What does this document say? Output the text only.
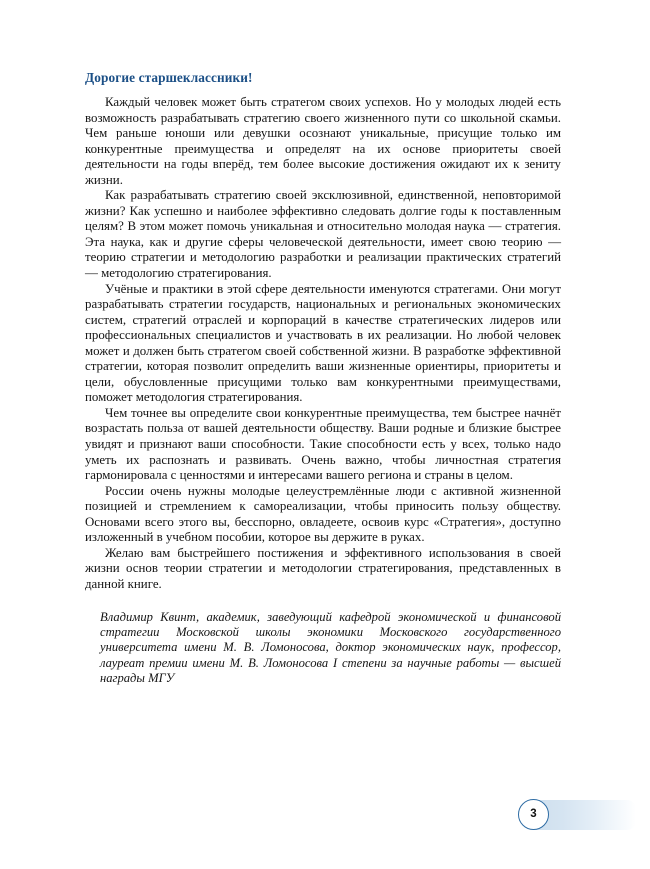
Дорогие старшеклассники!

Каждый человек может быть стратегом своих успехов. Но у молодых людей есть возможность разрабатывать стратегию своего жизненного пути со школьной скамьи. Чем раньше юноши или девушки осознают уникальные, присущие только им конкурентные преимущества и определят на их основе приоритеты своей деятельности на годы вперёд, тем более высокие достижения ожидают их к зениту жизни.

Как разрабатывать стратегию своей эксклюзивной, единственной, неповторимой жизни? Как успешно и наиболее эффективно следовать долгие годы к поставленным целям? В этом может помочь уникальная и относительно молодая наука — стратегия. Эта наука, как и другие сферы человеческой деятельности, имеет свою теорию — теорию стратегии и методологию разработки и реализации практических стратегий — методологию стратегирования.

Учёные и практики в этой сфере деятельности именуются стратегами. Они могут разрабатывать стратегии государств, национальных и региональных экономических систем, стратегий отраслей и корпораций в качестве стратегических лидеров или профессиональных специалистов и участвовать в их реализации. Но любой человек может и должен быть стратегом своей собственной жизни. В разработке эффективной стратегии, которая позволит определить ваши жизненные ориентиры, приоритеты и цели, обусловленные присущими только вам конкурентными преимуществами, поможет методология стратегирования.

Чем точнее вы определите свои конкурентные преимущества, тем быстрее начнёт возрастать польза от вашей деятельности обществу. Ваши родные и близкие быстрее увидят и признают ваши способности. Такие способности есть у всех, только надо уметь их распознать и развивать. Очень важно, чтобы личностная стратегия гармонировала с ценностями и интересами вашего региона и страны в целом.

России очень нужны молодые целеустремлённые люди с активной жизненной позицией и стремлением к самореализации, чтобы приносить пользу обществу. Основами всего этого вы, бесспорно, овладеете, освоив курс «Стратегия», доступно изложенный в учебном пособии, которое вы держите в руках.

Желаю вам быстрейшего постижения и эффективного использования в своей жизни основ теории стратегии и методологии стратегирования, представленных в данной книге.

Владимир Квинт, академик, заведующий кафедрой экономической и финансовой стратегии Московской школы экономики Московского государственного университета имени М. В. Ломоносова, доктор экономических наук, профессор, лауреат премии имени М. В. Ломоносова I степени за научные работы — высшей награды МГУ

3
